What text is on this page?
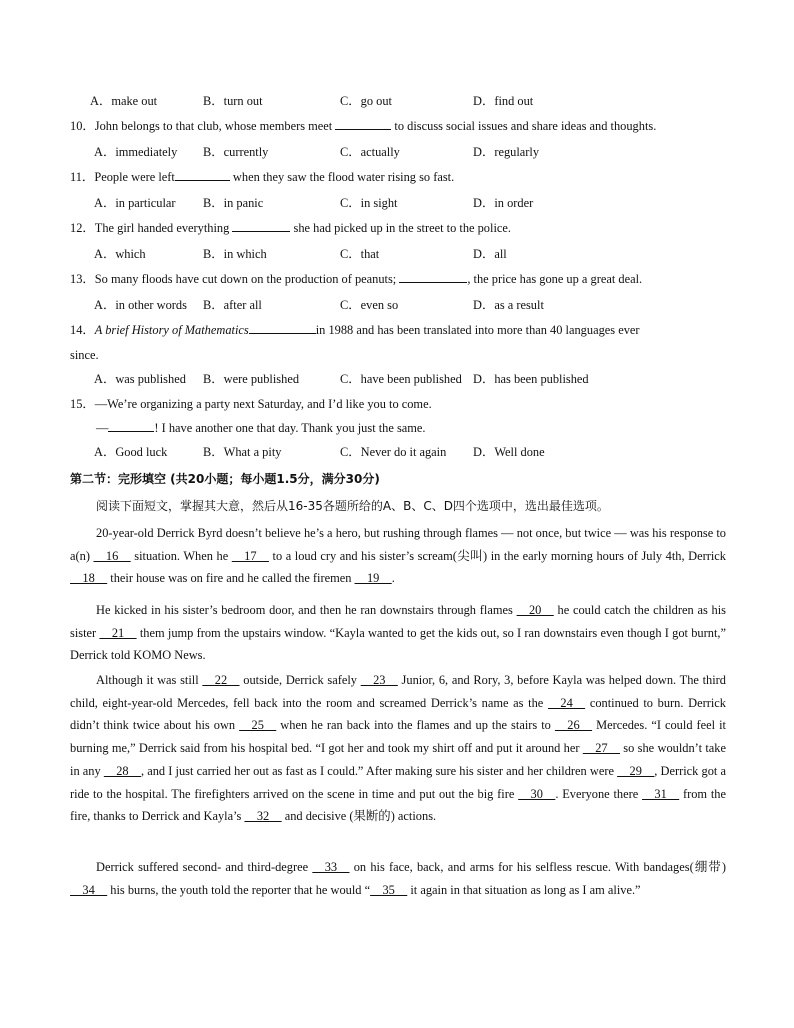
A．make out	B．turn out	C．go out	D．find out
10．John belongs to that club, whose members meet	to discuss social issues and share ideas and thoughts.
A．immediately B．currently	C．actually	D．regularly
11．People were left	when they saw the flood water rising so fast.
A．in particular B．in panic	C．in sight	D．in order
12．The girl handed everything	she had picked up in the street to the police.
A．which	B．in which	C．that	D．all
13．So many floods have cut down on the production of peanuts;	, the price has gone up a great deal.
A．in other words B．after all	C．even so	D．as a result
14．A brief History of Mathematics	in 1988 and has been translated into more than 40 languages ever
since.
A．was published B．were published	C．have been published D．has been published
15．—We’re organizing a party next Saturday, and I’d like you to come.
—	! I have another one that day. Thank you just the same.
A．Good luck	B．What a pity	C．Never do it again D．Well done
第二节：完形填空 (共20小题；每小题1.5分，满分30分)
阅读下面短文，掌握其大意，然后从16-35各题所给的A、B、C、D四个选项中，选出最佳选项。
20-year-old Derrick Byrd doesn’t believe he’s a hero, but rushing through flames — not once, but twice — was his response to a(n)     16     situation. When he     17     to a loud cry and his sister’s scream(尖叫) in the early morning hours of July 4th, Derrick     18     their house was on fire and he called the firemen     19    .
He kicked in his sister’s bedroom door, and then he ran downstairs through flames     20     he could catch the children as his sister     21     them jump from the upstairs window. “Kayla wanted to get the kids out, so I ran downstairs even though I got burnt,” Derrick told KOMO News.
Although it was still     22     outside, Derrick safely     23     Junior, 6, and Rory, 3, before Kayla was helped down. The third child, eight-year-old Mercedes, fell back into the room and screamed Derrick’s name as the     24     continued to burn. Derrick didn’t think twice about his own     25     when he ran back into the flames and up the stairs to     26     Mercedes. “I could feel it burning me,” Derrick said from his hospital bed. “I got her and took my shirt off and put it around her     27     so she wouldn’t take in any     28    , and I just carried her out as fast as I could.” After making sure his sister and her children were     29    , Derrick got a ride to the hospital. The firefighters arrived on the scene in time and put out the big fire     30    . Everyone there     31     from the fire, thanks to Derrick and Kayla’s     32     and decisive (果断的) actions.
Derrick suffered second- and third-degree     33     on his face, back, and arms for his selfless rescue. With bandages(绷带)     34     his burns, the youth told the reporter that he would “    35     it again in that situation as long as I am alive.”
